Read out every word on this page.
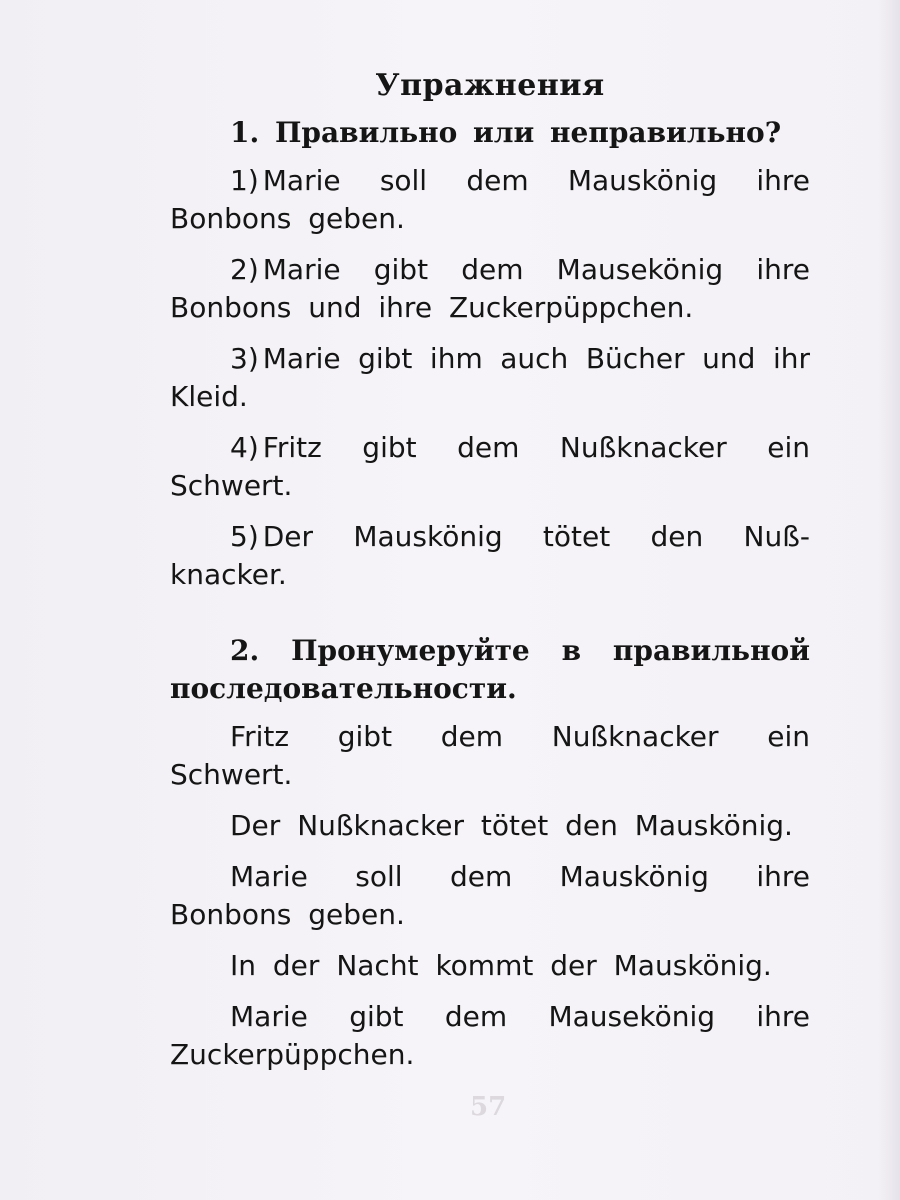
Упражнения

1. Правильно или неправильно?

1) Marie soll dem Mauskönig ihre Bonbons geben.

2) Marie gibt dem Mausekönig ihre Bonbons und ihre Zuckerpüppchen.

3) Marie gibt ihm auch Bücher und ihr Kleid.

4) Fritz gibt dem Nußknacker ein Schwert.

5) Der Mauskönig tötet den Nußknacker.

2. Пронумеруйте в правильной последовательности.

Fritz gibt dem Nußknacker ein Schwert.

Der Nußknacker tötet den Mauskönig.

Marie soll dem Mauskönig ihre Bonbons geben.

In der Nacht kommt der Mauskönig.

Marie gibt dem Mausekönig ihre Zuckerpüppchen.

57
